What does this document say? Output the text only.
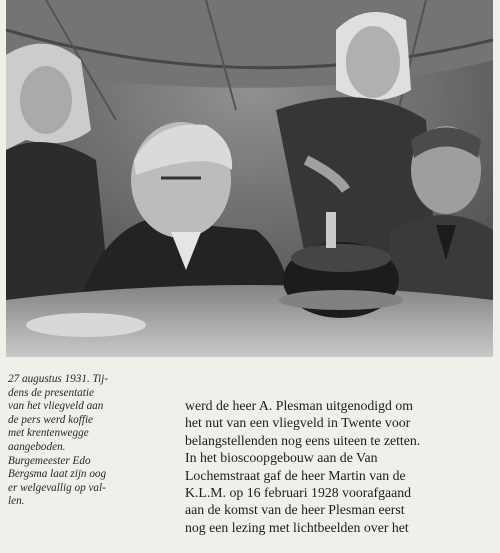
27 augustus 1931. Tij-
dens de presentatie
van het vliegveld aan
de pers werd koffie
met krentenwegge
aangeboden.
Burgemeester Edo
Bergsma laat zijn oog
er welgevallig op val-
len.
werd de heer A. Plesman uitgenodigd om
het nut van een vliegveld in Twente voor
belangstellenden nog eens uiteen te zetten.
In het bioscoopgebouw aan de Van
Lochemstraat gaf de heer Martin van de
K.L.M. op 16 februari 1928 voorafgaand
aan de komst van de heer Plesman eerst
nog een lezing met lichtbeelden over het
